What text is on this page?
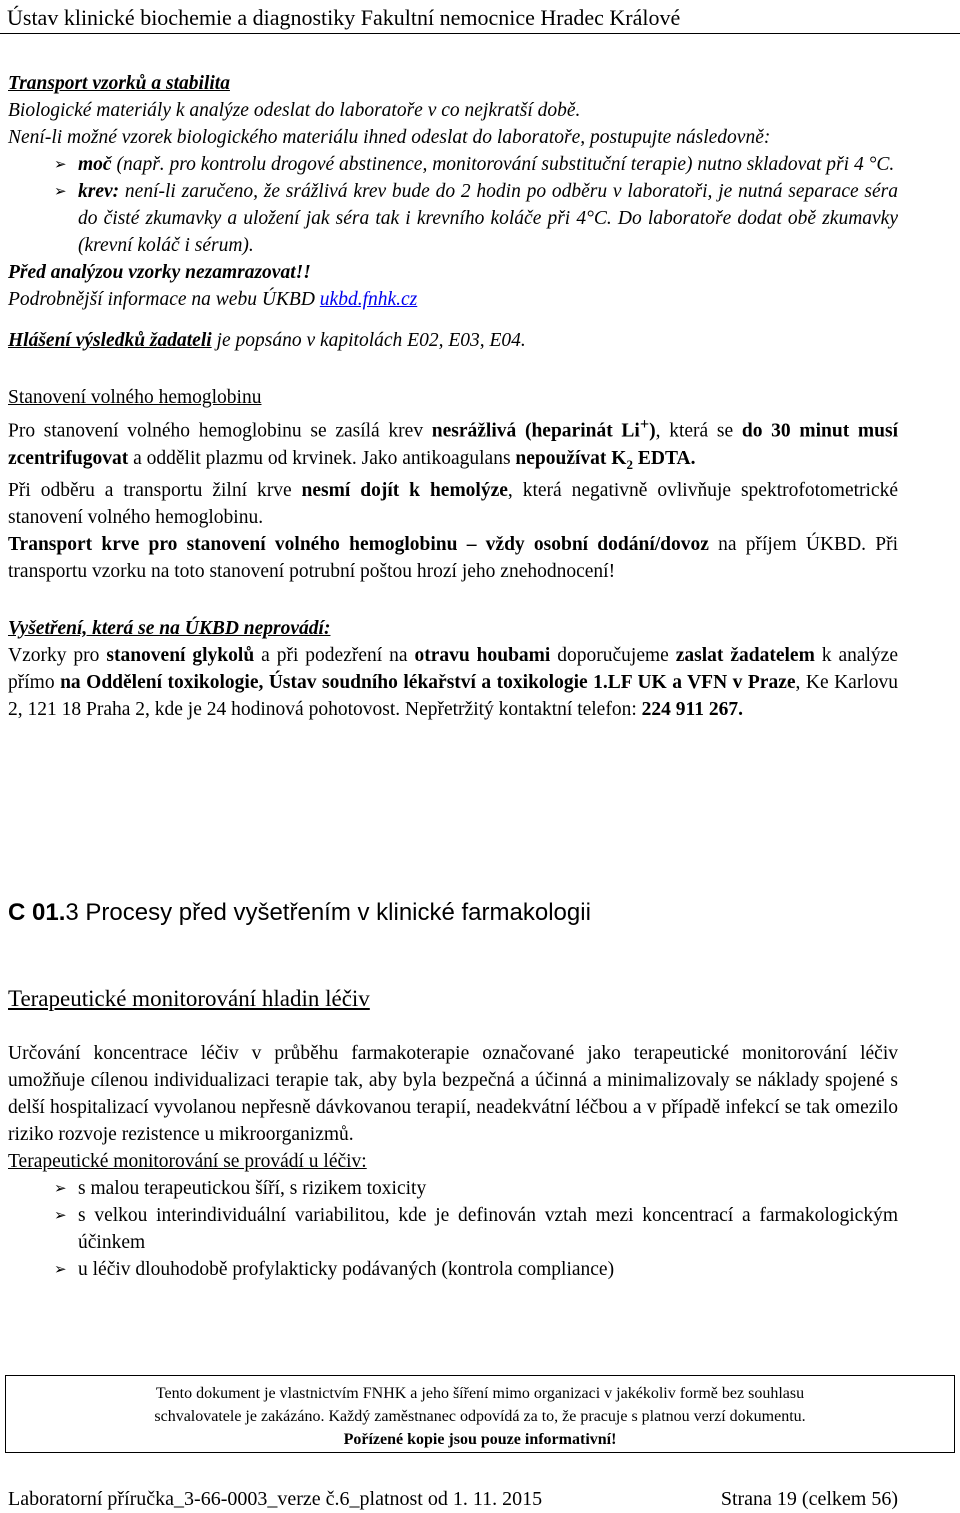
Ústav klinické biochemie a diagnostiky Fakultní nemocnice Hradec Králové

Transport vzorků a stabilita

Biologické materiály k analýze odeslat do laboratoře v co nejkratší době.

Není-li možné vzorek biologického materiálu ihned odeslat do laboratoře, postupujte následovně:

➢ moč (např. pro kontrolu drogové abstinence, monitorování substituční terapie) nutno skladovat při 4 °C.
➢ krev: není-li zaručeno, že srážlivá krev bude do 2 hodin po odběru v laboratoři, je nutná separace séra do čisté zkumavky a uložení jak séra tak i krevního koláče při 4°C. Do laboratoře dodat obě zkumavky (krevní koláč i sérum).

Před analýzou vzorky nezamrazovat!!

Podrobnější informace na webu ÚKBD ukbd.fnhk.cz

Hlášení výsledků žadateli je popsáno v kapitolách E02, E03, E04.

Stanovení volného hemoglobinu

Pro stanovení volného hemoglobinu se zasílá krev nesrážlivá (heparinát Li+), která se do 30 minut musí zcentrifugovat a oddělit plazmu od krvinek. Jako antikoagulans nepoužívat $K_2$ EDTA.

Při odběru a transportu žilní krve nesmí dojít k hemolýze, která negativně ovlivňuje spektrofotometrické stanovení volného hemoglobinu.

Transport krve pro stanovení volného hemoglobinu – vždy osobní dodání/dovoz na příjem ÚKBD. Při transportu vzorku na toto stanovení potrubní poštou hrozí jeho znehodnocení!

Vyšetření, která se na ÚKBD neprovádí:

Vzorky pro stanovení glykolů a při podezření na otravu houbami doporučujeme zaslat žadatelem k analýze přímo na Oddělení toxikologie, Ústav soudního lékařství a toxikologie 1.LF UK a VFN v Praze, Ke Karlovu 2, 121 18 Praha 2, kde je 24 hodinová pohotovost. Nepřetržitý kontaktní telefon: 224 911 267.

C 01.3 Procesy před vyšetřením v klinické farmakologii
Terapeutické monitorování hladin léčiv

Určování koncentrace léčiv v průběhu farmakoterapie označované jako terapeutické monitorování léčiv umožňuje cílenou individualizaci terapie tak, aby byla bezpečná a účinná a minimalizovaly se náklady spojené s delší hospitalizací vyvolanou nepřesně dávkovanou terapií, neadekvátní léčbou a v případě infekcí se tak omezilo riziko rozvoje rezistence u mikroorganizmů.

Terapeutické monitorování se provádí u léčiv:

➢ s malou terapeutickou šíří, s rizikem toxicity
➢ s velkou interindividuální variabilitou, kde je definován vztah mezi koncentrací a farmakologickým účinkem
➢ u léčiv dlouhodobě profylakticky podávaných (kontrola compliance)
Tento dokument je vlastnictvím FNHK a jeho šíření mimo organizaci v jakékoliv formě bez souhlasu
schvalovatele je zakázáno. Každý zaměstnanec odpovídá za to, že pracuje s platnou verzí dokumentu.
Pořízené kopie jsou pouze informativní!
Laboratorní příručka_3-66-0003_verze č.6_platnost od 1. 11. 2015	Strana 19 (celkem 56)
